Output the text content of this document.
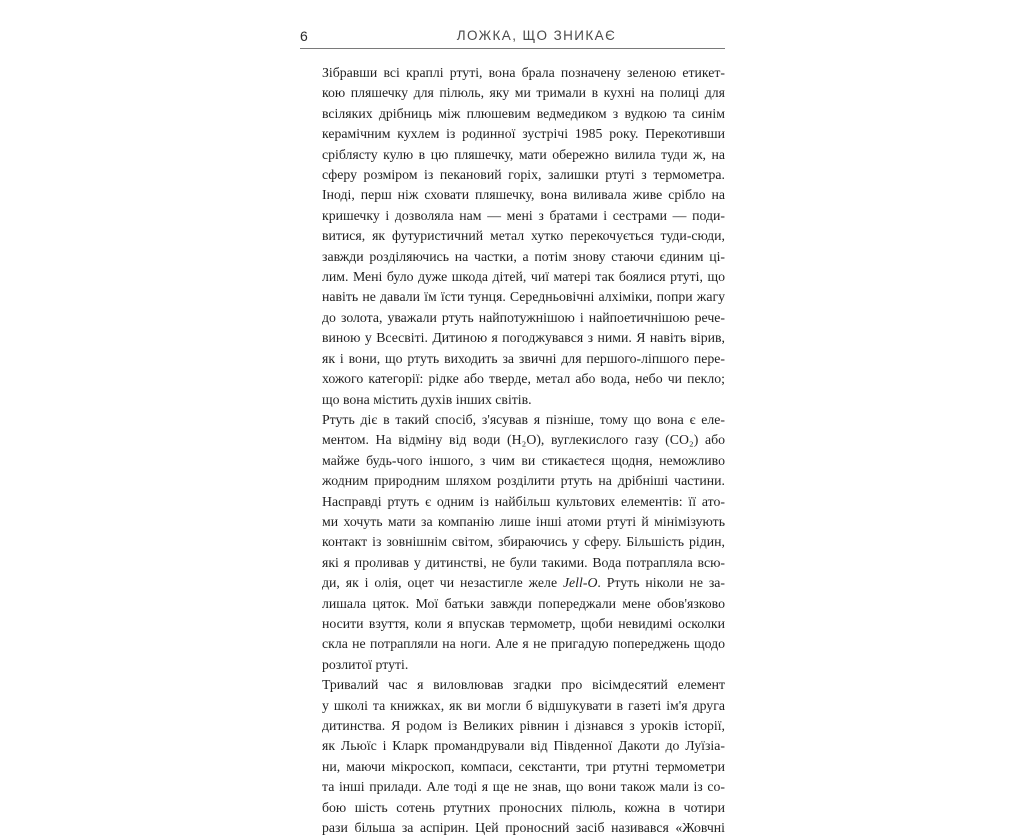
6	ЛОЖКА, ЩО ЗНИКАЄ

Зібравши всі краплі ртуті, вона брала позначену зеленою етикет-
кою пляшечку для пілюль, яку ми тримали в кухні на полиці для
всіляких дрібниць між плюшевим ведмедиком з вудкою та синім
керамічним кухлем із родинної зустрічі 1985 року. Перекотивши
сріблясту кулю в цю пляшечку, мати обережно вилила туди ж, на
сферу розміром із пекановий горіх, залишки ртуті з термометра.
Іноді, перш ніж сховати пляшечку, вона виливала живе срібло на
кришечку і дозволяла нам — мені з братами і сестрами — поди-
витися, як футуристичний метал хутко перекочується туди-сюди,
завжди розділяючись на частки, а потім знову стаючи єдиним ці-
лим. Мені було дуже шкода дітей, чиї матері так боялися ртуті, що
навіть не давали їм їсти тунця. Середньовічні алхіміки, попри жагу
до золота, уважали ртуть найпотужнішою і найпоетичнішою рече-
виною у Всесвіті. Дитиною я погоджувався з ними. Я навіть вірив,
як і вони, що ртуть виходить за звичні для першого-ліпшого пере-
хожого категорії: рідке або тверде, метал або вода, небо чи пекло;
що вона містить духів інших світів.

Ртуть діє в такий спосіб, з'ясував я пізніше, тому що вона є еле-
ментом. На відміну від води (H₂O), вуглекислого газу (CO₂) або
майже будь-чого іншого, з чим ви стикаєтеся щодня, неможливо
жодним природним шляхом розділити ртуть на дрібніші частини.
Насправді ртуть є одним із найбільш культових елементів: її ато-
ми хочуть мати за компанію лише інші атоми ртуті й мінімізують
контакт із зовнішнім світом, збираючись у сферу. Більшість рідин,
які я проливав у дитинстві, не були такими. Вода потрапляла всю-
ди, як і олія, оцет чи незастигле желе Jell-O. Ртуть ніколи не за-
лишала цяток. Мої батьки завжди попереджали мене обов'язково
носити взуття, коли я впускав термометр, щоби невидимі осколки
скла не потрапляли на ноги. Але я не пригадую попереджень щодо
розлитої ртуті.

Тривалий час я виловлював згадки про вісімдесятий елемент
у школі та книжках, як ви могли б відшукувати в газеті ім'я друга
дитинства. Я родом із Великих рівнин і дізнався з уроків історії,
як Льюїс і Кларк промандрували від Південної Дакоти до Луїзіа-
ни, маючи мікроскоп, компаси, секстанти, три ртутні термометри
та інші прилади. Але тоді я ще не знав, що вони також мали із со-
бою шість сотень ртутних проносних пілюль, кожна в чотири
рази більша за аспірин. Цей проносний засіб називався «Жовчні
